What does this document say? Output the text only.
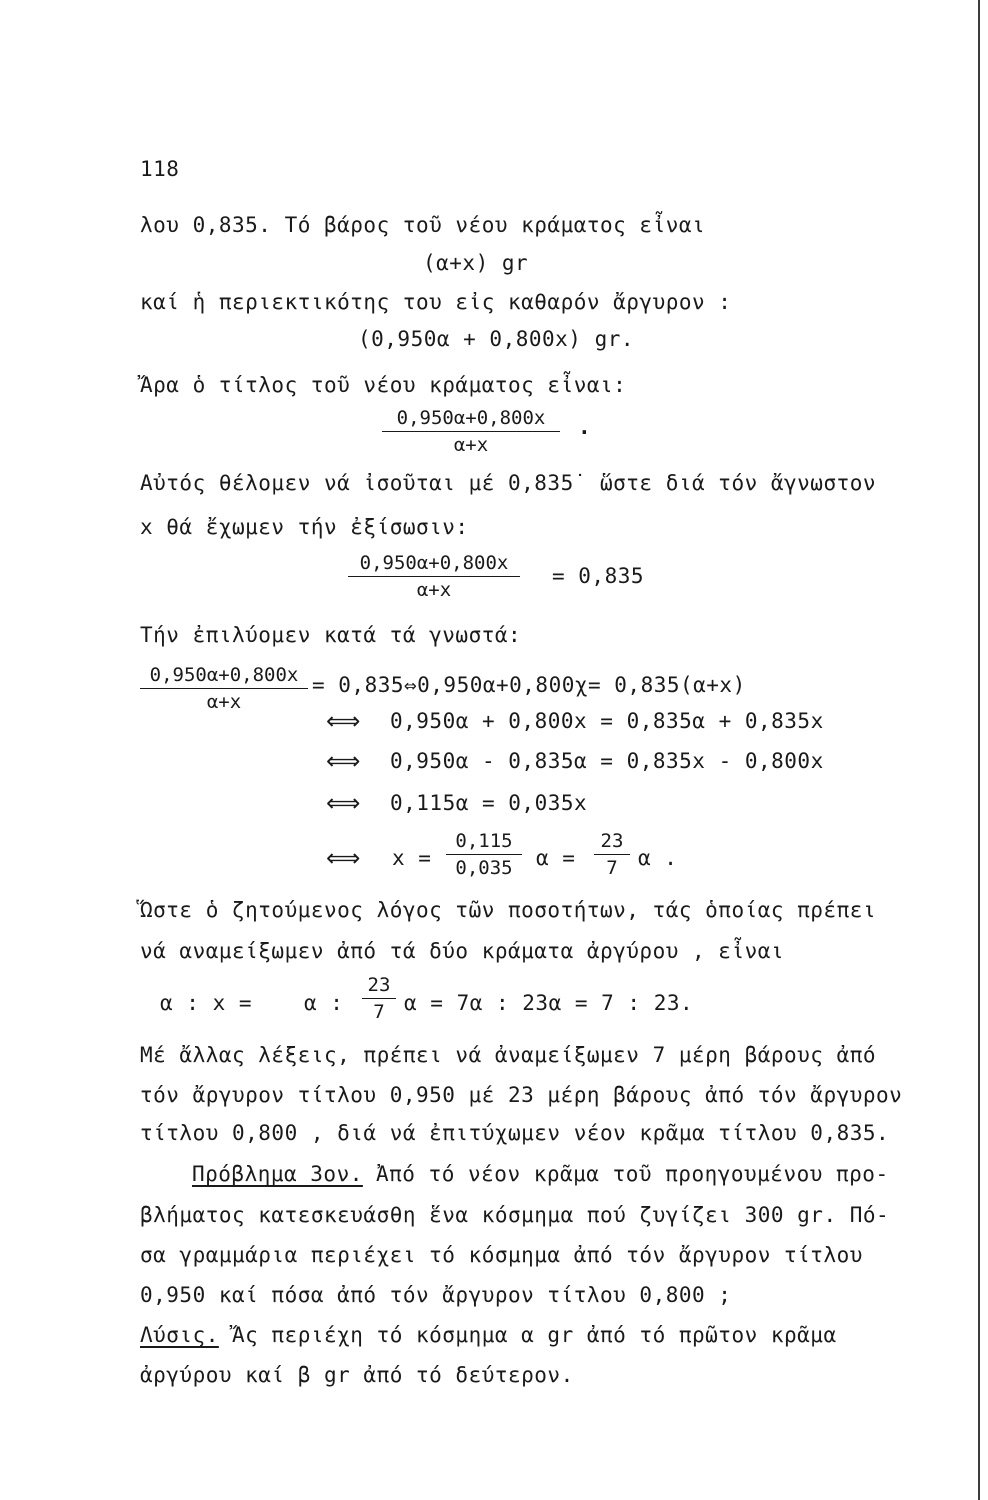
118
λου 0,835. Τό βάρος τοῦ νέου κράματος εἶναι
(α+x) gr
καί ἡ περιεκτικότης του εἰς καθαρόν ἄργυρον :
(0,950α + 0,800x) gr.
Ἄρα ὁ τίτλος τοῦ νέου κράματος εἶναι:
$\frac{0,950\alpha+0,800x}{\alpha+x}$ .
Αὐτός θέλομεν νά ἰσοῦται μέ 0,835˙ ὥστε διά τόν ἄγνωστον
x θά ἔχωμεν τήν ἐξίσωσιν:
$\frac{0,950\alpha+0,800x}{\alpha+x} = 0,835$
Τήν ἐπιλύομεν κατά τά γνωστά:
$\frac{0,950\alpha+0,800x}{\alpha+x}$ = 0,835⇔0,950α+0,800χ= 0,835(α+x)
⟺ 0,950α + 0,800x = 0,835α + 0,835x
⟺ 0,950α - 0,835α = 0,835x - 0,800x
⟺ 0,115α = 0,035x
⟺ $x = \frac{0,115}{0,035}$ $\alpha = \frac{23}{7}$ α .
Ὥστε ὁ ζητούμενος λόγος τῶν ποσοτήτων, τάς ὁποίας πρέπει
νά αναμείξωμεν ἀπό τά δύο κράματα ἀργύρου , εἶναι
α : x = α : $\frac{23}{7}$ α = 7α : 23α = 7 : 23.
Μέ ἄλλας λέξεις, πρέπει νά ἀναμείξωμεν 7 μέρη βάρους ἀπό
τόν ἄργυρον τίτλου 0,950 μέ 23 μέρη βάρους ἀπό τόν ἄργυρον
τίτλου 0,800 , διά νά ἐπιτύχωμεν νέον κρᾶμα τίτλου 0,835.
Πρόβλημα 3ον. Ἀπό τό νέον κρᾶμα τοῦ προηγουμένου προ-
βλήματος κατεσκευάσθη ἕνα κόσμημα πού ζυγίζει 300 gr. Πό-
σα γραμμάρια περιέχει τό κόσμημα ἀπό τόν ἄργυρον τίτλου
0,950 καί πόσα ἀπό τόν ἄργυρον τίτλου 0,800 ;
Λύσις. Ἄς περιέχη τό κόσμημα α gr ἀπό τό πρῶτον κρᾶμα
ἀργύρου καί β gr ἀπό τό δεύτερον.
